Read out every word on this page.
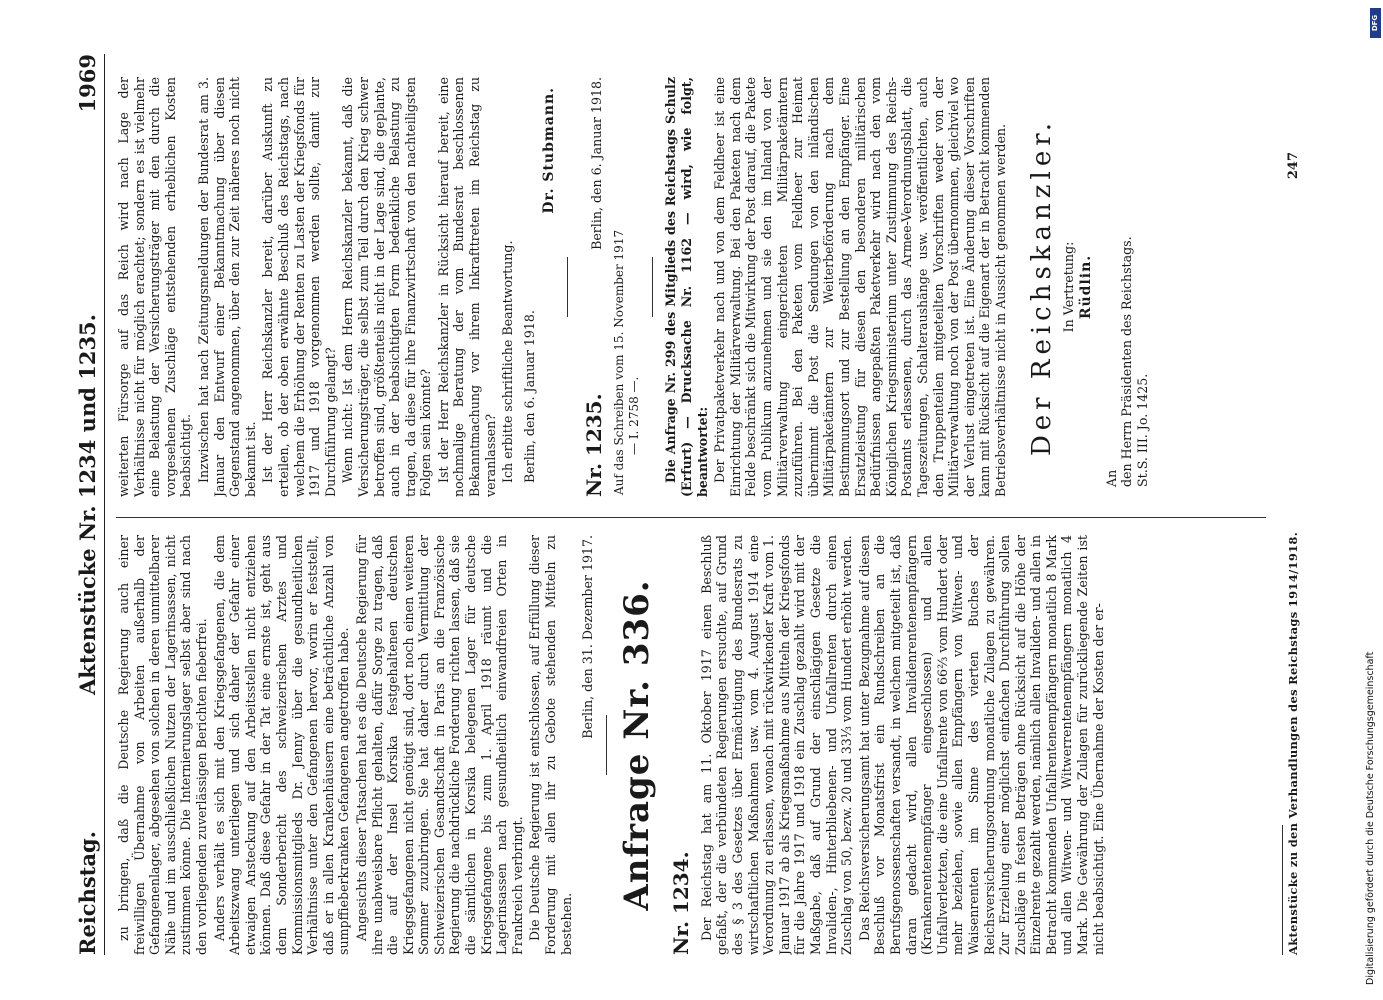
Reichstag.
Aktenstücke Nr. 1234 und 1235.
1969

zu bringen, daß die Deutsche Regierung auch einer freiwilligen Übernahme von Arbeiten außerhalb der Gefangenenlager, abgesehen von solchen in deren unmittelbarer Nähe und im ausschließlichen Nutzen der Lagerinsassen, nicht zustimmen könne. Die Internierungslager selbst aber sind nach den vorliegenden zuverlässigen Berichten fieberfrei. Anders verhält es sich mit den Kriegsgefangenen, die dem Arbeitszwang unterliegen und sich daher der Gefahr einer etwaigen Ansteckung auf den Arbeitsstellen nicht entziehen können. Daß diese Gefahr in der Tat eine ernste ist, geht aus dem Sonderbericht des schweizerischen Arztes und Kommissionsmitglieds Dr. Jenny über die gesundheitlichen Verhältnisse unter den Gefangenen hervor, worin er feststellt, daß er in allen Krankenhäusern eine beträchtliche Anzahl von sumpffieberkranken Gefangenen angetroffen habe. Angesichts dieser Tatsachen hat es die Deutsche Regierung für ihre unabweisbare Pflicht gehalten, dafür Sorge zu tragen, daß die auf der Insel Korsika festgehaltenen deutschen Kriegsgefangenen nicht genötigt sind, dort noch einen weiteren Sommer zuzubringen. Sie hat daher durch Vermittlung der Schweizerischen Gesandtschaft in Paris an die Französische Regierung die nachdrückliche Forderung richten lassen, daß sie die sämtlichen in Korsika belegenen Lager für deutsche Kriegsgefangene bis zum 1. April 1918 räumt und die Lagerinsassen nach gesundheitlich einwandfreien Orten in Frankreich verbringt. Die Deutsche Regierung ist entschlossen, auf Erfüllung dieser Forderung mit allen ihr zu Gebote stehenden Mitteln zu bestehen.

Berlin, den 31. Dezember 1917. Anfrage Nr. 336. Nr. 1234. Der Reichstag hat am 11. Oktober 1917 einen Beschluß gefaßt, der die verbündeten Regierungen ersuchte, auf Grund des § 3 des Gesetzes über Ermächtigung des Bundesrats zu wirtschaftlichen Maßnahmen usw. vom 4. August 1914 eine Verordnung zu erlassen, wonach mit rückwirkender Kraft vom 1. Januar 1917 ab als Kriegsmaßnahme aus Mitteln der Kriegsfonds für die Jahre 1917 und 1918 ein Zuschlag gezahlt wird mit der Maßgabe, daß auf Grund der einschlägigen Gesetze die Invaliden-, Hinterbliebenen- und Unfallrenten durch einen Zuschlag von 50, bezw. 20 und 33⅓ vom Hundert erhöht werden. Das Reichsversicherungsamt hat unter Bezugnahme auf diesen Beschluß vor Monatsfrist ein Rundschreiben an die Berufsgenossenschaften versandt, in welchem mitgeteilt ist, daß daran gedacht wird, allen Invalidenrentenempfängern (Krankenrentenempfänger eingeschlossen) und allen Unfallverletzten, die eine Unfallrente von 66⅔ vom Hundert oder mehr beziehen, sowie allen Empfängern von Witwen- und Waisenrenten im Sinne des vierten Buches der Reichsversicherungsordnung monatliche Zulagen zu gewähren. Zur Erzielung einer möglichst einfachen Durchführung sollen Zuschläge in festen Beträgen ohne Rücksicht auf die Höhe der Einzelrente gezahlt werden, nämlich allen Invaliden- und allen in Betracht kommenden Unfallrentenempfängern monatlich 8 Mark und allen Witwen- und Witwerrentenempfängern monatlich 4 Mark. Die Gewährung der Zulagen für zurückliegende Zeiten ist nicht beabsichtigt. Eine Übernahme der Kosten der er-

weiterten Fürsorge auf das Reich wird nach Lage der Verhältnisse nicht für möglich erachtet; sondern es ist vielmehr eine Belastung der Versicherungsträger mit den durch die vorgesehenen Zuschläge entstehenden erheblichen Kosten beabsichtigt. Inzwischen hat nach Zeitungsmeldungen der Bundesrat am 3. Januar den Entwurf einer Bekanntmachung über diesen Gegenstand angenommen, über den zur Zeit näheres noch nicht bekannt ist. Ist der Herr Reichskanzler bereit, darüber Auskunft zu erteilen, ob der oben erwähnte Beschluß des Reichstags, nach welchem die Erhöhung der Renten zu Lasten der Kriegsfonds für 1917 und 1918 vorgenommen werden sollte, damit zur Durchführung gelangt? Wenn nicht: Ist dem Herrn Reichskanzler bekannt, daß die Versicherungsträger, die selbst zum Teil durch den Krieg schwer betroffen sind, größtenteils nicht in der Lage sind, die geplante, auch in der beabsichtigten Form bedenkliche Belastung zu tragen, da diese für ihre Finanzwirtschaft von den nachteiligsten Folgen sein könnte? Ist der Herr Reichskanzler in Rücksicht hierauf bereit, eine nochmalige Beratung der vom Bundesrat beschlossenen Bekanntmachung vor ihrem Inkrafttreten im Reichstag zu veranlassen? Ich erbitte schriftliche Beantwortung. Berlin, den 6. Januar 1918.
Dr. Stubmann.
Nr. 1235.
Berlin, den 6. Januar 1918.
Auf das Schreiben vom 15. November 1917 — I. 2758 —. Die Anfrage Nr. 299 des Mitglieds des Reichstags Schulz (Erfurt) — Drucksache Nr. 1162 — wird, wie folgt, beantwortet: Der Privatpaketverkehr nach und von dem Feldheer ist eine Einrichtung der Militärverwaltung. Bei den Paketen nach dem Felde beschränkt sich die Mitwirkung der Post darauf, die Pakete vom Publikum anzunehmen und sie den im Inland von der Militärverwaltung eingerichteten Militärpaketämtern zuzuführen. Bei den Paketen vom Feldheer zur Heimat übernimmt die Post die Sendungen von den inländischen Militärpaketämtern zur Weiterbeförderung nach dem Bestimmungsort und zur Bestellung an den Empfänger. Eine Ersatzleistung für diesen den besonderen militärischen Bedürfnissen angepaßten Paketverkehr wird nach den vom Königlichen Kriegsministerium unter Zustimmung des Reichs-Postamts erlassenen, durch das Armee-Verordnungsblatt, die Tageszeitungen, Schalteraushänge usw. veröffentlichten, auch den Truppenteilen mitgeteilten Vorschriften weder von der Militärverwaltung noch von der Post übernommen, gleichviel wo der Verlust eingetreten ist. Eine Änderung dieser Vorschriften kann mit Rücksicht auf die Eigenart der in Betracht kommenden Betriebsverhältnisse nicht in Aussicht genommen werden. Der Reichskanzler. In Vertretung: Rüdlin.
An den Herrn Präsidenten des Reichstags. St.S. III. Jo. 1425.
Aktenstücke zu den Verhandlungen des Reichstags 1914/1918.
247
Digitalisierung gefördert durch die Deutsche Forschungsgemeinschaft
DFG
